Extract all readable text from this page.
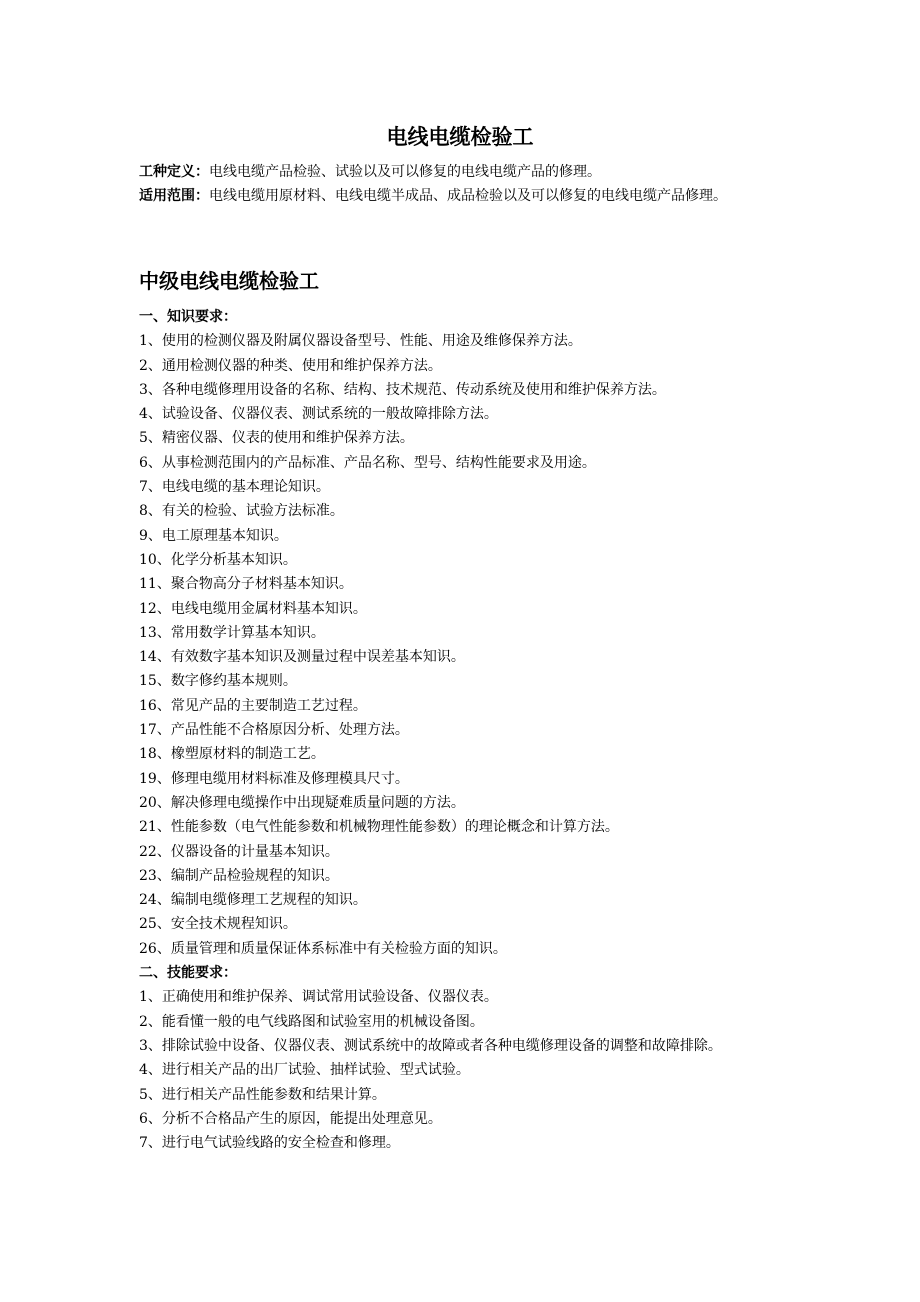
电线电缆检验工

工种定义：电线电缆产品检验、试验以及可以修复的电线电缆产品的修理。

适用范围：电线电缆用原材料、电线电缆半成品、成品检验以及可以修复的电线电缆产品修理。

中级电线电缆检验工

一、知识要求：

1、使用的检测仪器及附属仪器设备型号、性能、用途及维修保养方法。
2、通用检测仪器的种类、使用和维护保养方法。
3、各种电缆修理用设备的名称、结构、技术规范、传动系统及使用和维护保养方法。
4、试验设备、仪器仪表、测试系统的一般故障排除方法。
5、精密仪器、仪表的使用和维护保养方法。
6、从事检测范围内的产品标准、产品名称、型号、结构性能要求及用途。
7、电线电缆的基本理论知识。
8、有关的检验、试验方法标准。
9、电工原理基本知识。
10、化学分析基本知识。
11、聚合物高分子材料基本知识。
12、电线电缆用金属材料基本知识。
13、常用数学计算基本知识。
14、有效数字基本知识及测量过程中误差基本知识。
15、数字修约基本规则。
16、常见产品的主要制造工艺过程。
17、产品性能不合格原因分析、处理方法。
18、橡塑原材料的制造工艺。
19、修理电缆用材料标准及修理模具尺寸。
20、解决修理电缆操作中出现疑难质量问题的方法。
21、性能参数（电气性能参数和机械物理性能参数）的理论概念和计算方法。
22、仪器设备的计量基本知识。
23、编制产品检验规程的知识。
24、编制电缆修理工艺规程的知识。
25、安全技术规程知识。
26、质量管理和质量保证体系标准中有关检验方面的知识。

二、技能要求：

1、正确使用和维护保养、调试常用试验设备、仪器仪表。
2、能看懂一般的电气线路图和试验室用的机械设备图。
3、排除试验中设备、仪器仪表、测试系统中的故障或者各种电缆修理设备的调整和故障排除。
4、进行相关产品的出厂试验、抽样试验、型式试验。
5、进行相关产品性能参数和结果计算。
6、分析不合格品产生的原因，能提出处理意见。
7、进行电气试验线路的安全检查和修理。
